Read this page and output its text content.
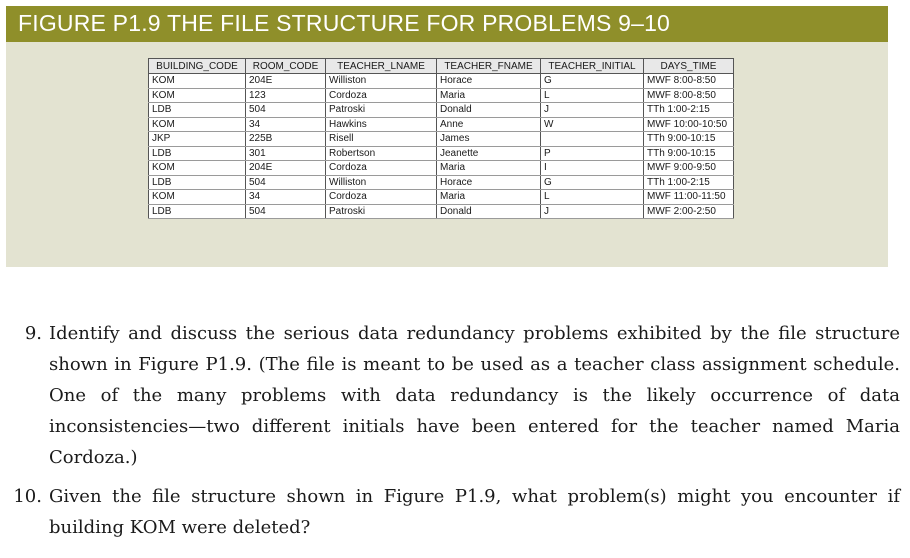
FIGURE P1.9 THE FILE STRUCTURE FOR PROBLEMS 9–10
BUILDING_CODE	ROOM_CODE	TEACHER_LNAME	TEACHER_FNAME	TEACHER_INITIAL	DAYS_TIME
KOM	204E	Williston	Horace	G	MWF 8:00-8:50
KOM	123	Cordoza	Maria	L	MWF 8:00-8:50
LDB	504	Patroski	Donald	J	TTh 1:00-2:15
KOM	34	Hawkins	Anne	W	MWF 10:00-10:50
JKP	225B	Risell	James		TTh 9:00-10:15
LDB	301	Robertson	Jeanette	P	TTh 9:00-10:15
KOM	204E	Cordoza	Maria	I	MWF 9:00-9:50
LDB	504	Williston	Horace	G	TTh 1:00-2:15
KOM	34	Cordoza	Maria	L	MWF 11:00-11:50
LDB	504	Patroski	Donald	J	MWF 2:00-2:50
9. Identify and discuss the serious data redundancy problems exhibited by the file structure shown in Figure P1.9. (The file is meant to be used as a teacher class assignment schedule. One of the many problems with data redundancy is the likely occurrence of data inconsistencies—two different initials have been entered for the teacher named Maria Cordoza.)
10. Given the file structure shown in Figure P1.9, what problem(s) might you encounter if building KOM were deleted?
